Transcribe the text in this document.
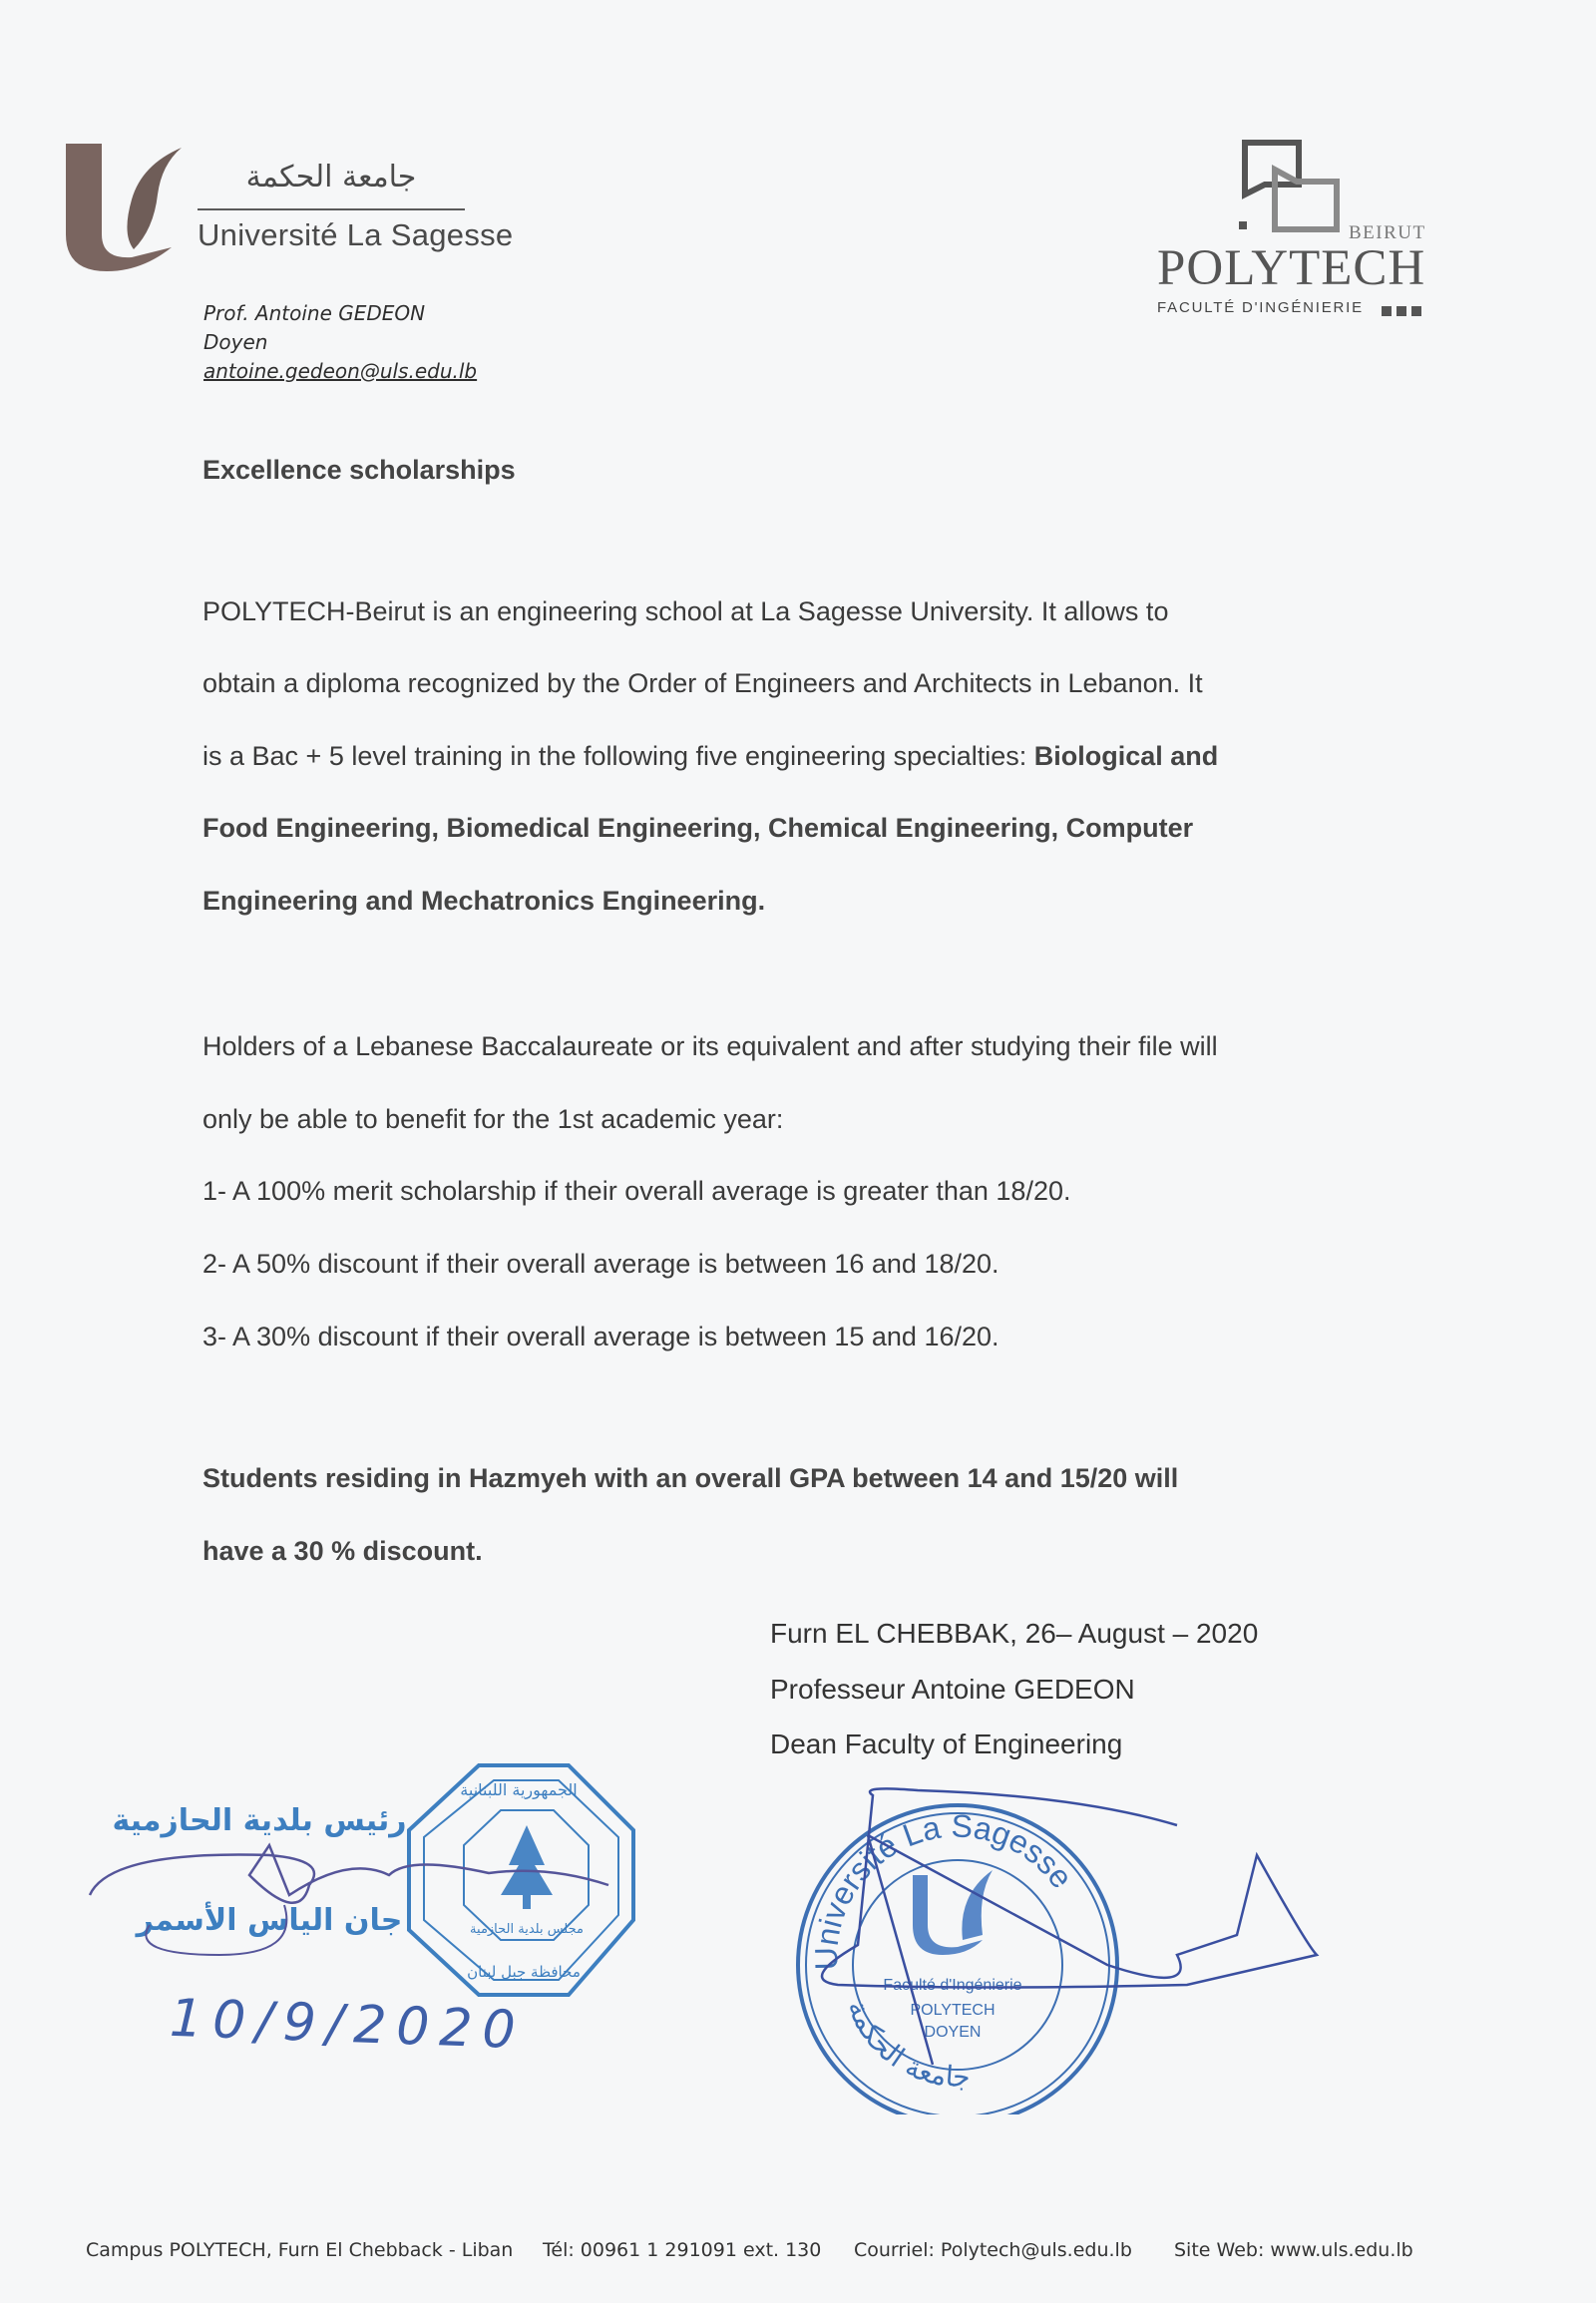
جامعة الحكمة
Université La Sagesse
Prof. Antoine GEDEON
Doyen
antoine.gedeon@uls.edu.lb
BEIRUT
POLYTECH
FACULTÉ D'INGÉNIERIE
Excellence scholarships
POLYTECH-Beirut is an engineering school at La Sagesse University. It allows to
obtain a diploma recognized by the Order of Engineers and Architects in Lebanon. It
is a Bac + 5 level training in the following five engineering specialties: Biological and
Food Engineering, Biomedical Engineering, Chemical Engineering, Computer
Engineering and Mechatronics Engineering.
Holders of a Lebanese Baccalaureate or its equivalent and after studying their file will
only be able to benefit for the 1st academic year:
1- A 100% merit scholarship if their overall average is greater than 18/20.
2- A 50% discount if their overall average is between 16 and 18/20.
3- A 30% discount if their overall average is between 15 and 16/20.
Students residing in Hazmyeh with an overall GPA between 14 and 15/20 will
have a 30 % discount.
Furn EL CHEBBAK, 26– August – 2020
Professeur Antoine GEDEON
Dean Faculty of Engineering
الجمهورية اللبنانية
مجلس بلدية الحازمية
محافظة جبل لبنان
رئيس بلدية الحازمية
جان الياس الأسمر
10/9/2020
Université La Sagesse
Faculté d'Ingénierie
POLYTECH
DOYEN
جامعة الحكمة
Campus POLYTECH, Furn El Chebback - Liban Tél: 00961 1 291091 ext. 130 Courriel: Polytech@uls.edu.lb Site Web: www.uls.edu.lb
